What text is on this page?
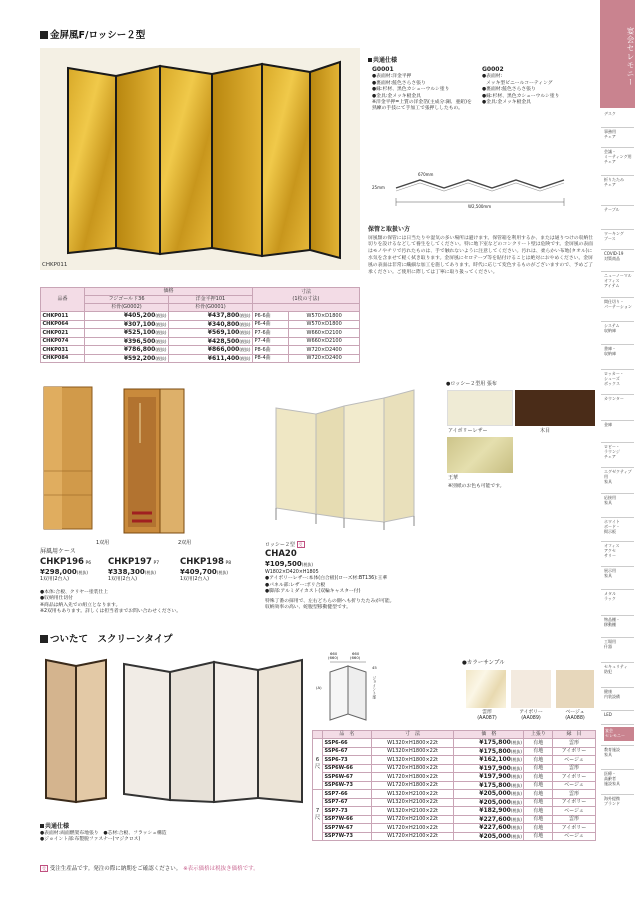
金屏風F/ロッシー２型
CHKP011
共通仕様
G0001
●表面材:洋金平押
●裏面材:鮭色さらさ張り
●縁:杉材、黒色カシューウルシ塗り
●金具:金メッキ板金具
※洋金平押=上質の洋金箔(主成分:銅、亜鉛)を熟練の手技にて手加工で張押ししたもの。
G0002
●表面材:
メッキ型ビニールコーティング
●裏面材:鮭色さらさ張り
●縁:杉材、黒色カシューウルシ塗り
●金具:金メッキ板金具
25mm
670mm
W2,500mm
保管と取扱い方
屏風類の保管には日当たりや湿気の多い場所は避けます。保管箱を利用するか、または通りつけの収納仕切りを設けるなどして養生をしてください。特に地下室などのコンクリート壁は危険です。金屏風の表面はモノやチリで汚れたものは、手で触れないように注意してください。汚れは、柔らかい布地(タオル)に水気を含ませて軽く拭き取ります。金屏風にセロテープ等を貼付けることは絶対におやめください。金屏風の表面は非常に繊細な加工を施してあります。時代に応じて変色するものがございますので、予めご了承ください。ご使用に際しては丁寧に取り扱ってください。
品番	価格		寸法
(1枚の寸法)	

	フジゴールド36	洋金平押101		
	杉骨(G0002)	杉骨(G0001)		
CHKP011	¥405,200(税抜)	¥437,800(税抜)	P6-6曲	W570×D1800
CHKP064	¥307,100(税抜)	¥340,800(税抜)	P6-4曲	W570×D1800
CHKP021	¥525,100(税抜)	¥569,100(税抜)	P7-6曲	W660×D2100
CHKP074	¥396,500(税抜)	¥428,500(税抜)	P7-4曲	W660×D2100
CHKP031	¥786,800(税抜)	¥866,000(税抜)	P8-6曲	W720×D2400
CHKP084	¥592,200(税抜)	¥611,400(税抜)	P8-4曲	W720×D2400
1双用	2双用
屏風用ケース
CHKP196 P6
¥298,000(税抜)
1双用(2台入)
CHKP197 P7
¥338,300(税抜)
1双用(2台入)
CHKP198 P8
¥409,700(税抜)
1双用(2台入)
●本体:合板、クリヤー塗装仕上
●収納用仕切付
※商品は納入先での組立となります。
※2双用もあります。詳しくは担当者までお問い合わせください。
ロッシー２型 受
CHA20
¥109,500(税抜)
W1802×D420×H1805
●アイボリーレザー:本体(白合板)(ローズ材:BT136):王華
●パネル部:レザー:ポリ合板
●脚部:アルミダイカスト(双輪キャスター付)
特殊丁番の採用で、左右どちらの側へも折りたたみが可能。
収納効率の高い、蛇腹型移動健型です。
●ロッシー２型用 張布
アイボリーレザー	木目
王華
※別紙のお色も可能です。
ついたて　スクリーンタイプ
660
(660)
660
(660)
45
ジョイント部
(A)
●カラーサンプル
雲形
(AA087)
アイボリー
(AA089)
ベージュ
(AA088)
	品　名	寸　法	価　格	上張り	縁　目
6
尺	SSP6-66	W1320×H1800×22t	¥175,800(税抜)	有地	雲形
	SSP6-67	W1320×H1800×22t	¥175,800(税抜)	有地	アイボリー
	SSP6-73	W1320×H1800×22t	¥162,100(税抜)	有地	ベージュ
	SSP6W-66	W1720×H1800×22t	¥197,900(税抜)	有地	雲形
	SSP6W-67	W1720×H1800×22t	¥197,900(税抜)	有地	アイボリー
	SSP6W-73	W1720×H1800×22t	¥175,800(税抜)	有地	ベージュ
7
尺	SSP7-66	W1320×H2100×22t	¥205,000(税抜)	有地	雲形
	SSP7-67	W1320×H2100×22t	¥205,000(税抜)	有地	アイボリー
	SSP7-73	W1320×H2100×22t	¥182,900(税抜)	有地	ベージュ
	SSP7W-66	W1720×H2100×22t	¥227,600(税抜)	有地	雲形
	SSP7W-67	W1720×H2100×22t	¥227,600(税抜)	有地	アイボリー
	SSP7W-73	W1720×H2100×22t	¥205,000(税抜)	有地	ベージュ
共通仕様
●表面材:両面燃架布地張り　●芯材:合板、フラッシュ構造
●ジョイント部:布製脱ファスナー(マジクロス)
受 受注生産品です。発注の際に納期をご確認ください。 ※表示価格は税抜き価格です。
宴会セレモニー
デスク
事務用
チェア
会議・
ミーティング用
チェア
折りたたみ
チェア
テーブル
ワーキング
ブース
COVID-19
対策商品
ニューノーマル
オフィス
アイテム
間仕切り・
パーテーション
システム
収納庫
書庫・
収納庫
ロッカー・
シューズ
ボックス
カウンター
金庫
ロビー・
ラウンジ
チェア
エグゼクティブ用
家具
応接用
家具
ホワイト
ボード・
掲示板
オフィス
アクセ
サリー
展示用
家具
メタル
ラック
物品棚・
移動棚
工場用
什器
セキュリティ
防犯
健康
内装設備
LED
宴会
セレモニー
教育施設
家具
医療・
高齢者
施設家具
海外提携
ブランド
